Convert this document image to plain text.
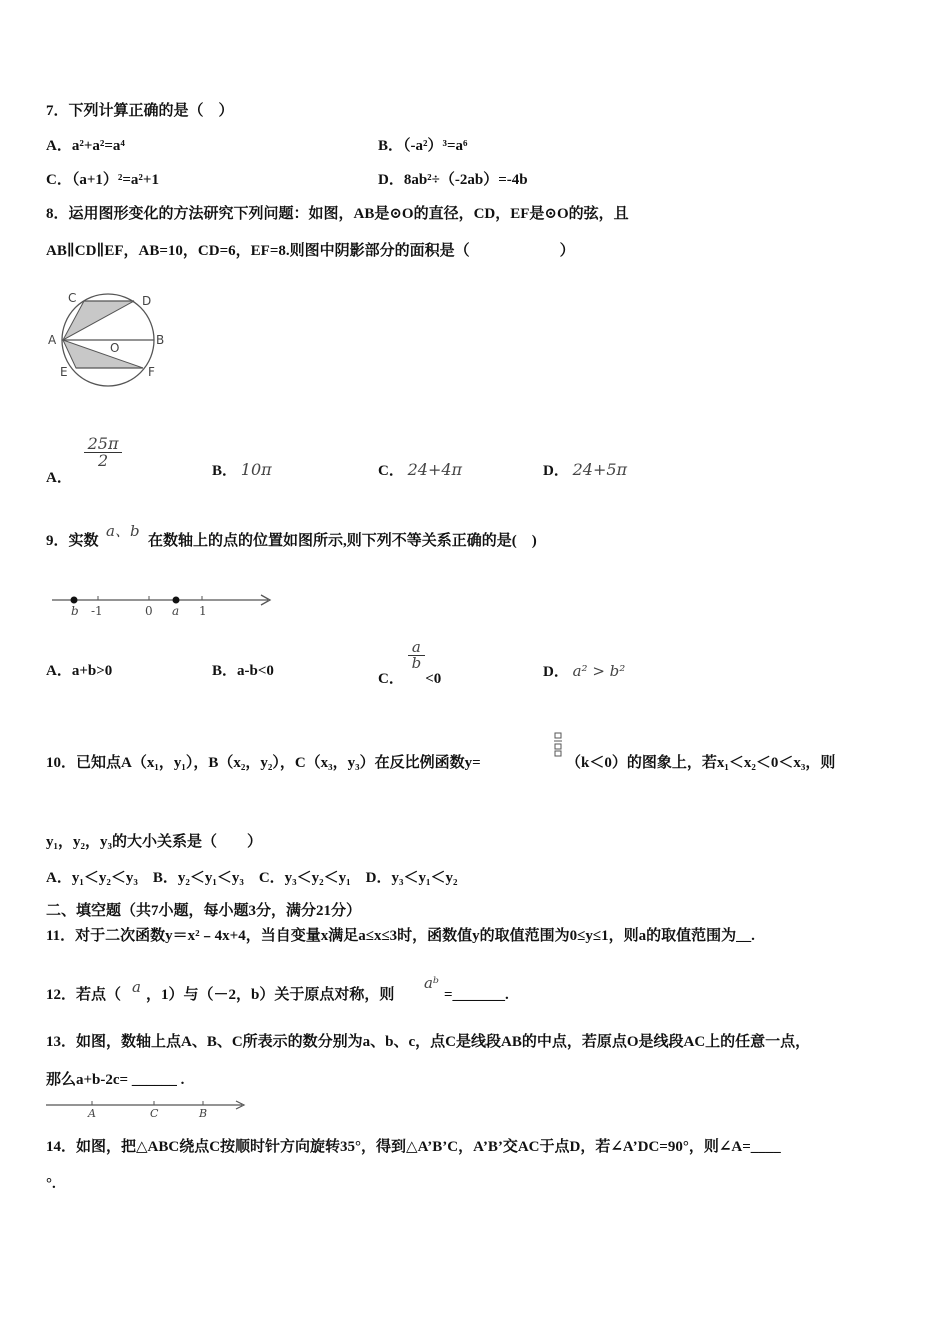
7．下列计算正确的是（　）
A．a²+a²=a⁴	B．（-a²）³=a⁶
C．（a+1）²=a²+1	D．8ab²÷（-2ab）=-4b
8．运用图形变化的方法研究下列问题：如图，AB是⊙O的直径，CD，EF是⊙O的弦，且
AB∥CD∥EF，AB=10，CD=6，EF=8.则图中阴影部分的面积是（　　　　　　）
C	D
A	B
O
E	F
A．
$\frac{25\pi}{2}$
B． 10π	C． 24+4π	D． 24+5π
9．实数
a、b
在数轴上的点的位置如图所示,则下列不等关系正确的是(　)
b -1	0 a 1
A．a+b>0	B．a-b<0	C．
$\frac{a}{b}$
<0	D． a² > b²
10．已知点A（x₁，y₁），B（x₂，y₂），C（x₃，y₃）在反比例函数y=	（k＜0）的图象上，若x₁＜x₂＜0＜x₃，则
y₁，y₂，y₃的大小关系是（　　）
A．y₁＜y₂＜y₃　B．y₂＜y₁＜y₃　C．y₃＜y₂＜y₁　D．y₃＜y₁＜y₂
二、填空题（共7小题，每小题3分，满分21分）
11．对于二次函数y＝x²﹣4x+4，当自变量x满足a≤x≤3时，函数值y的取值范围为0≤y≤1，则a的取值范围为__.
12．若点（ a ，1）与（－2，b）关于原点对称，则
aᵇ
=_______.
13．如图，数轴上点A、B、C所表示的数分别为a、b、c，点C是线段AB的中点，若原点O是线段AC上的任意一点，
那么a+b-2c= ______ .
A	C	B
14．如图，把△ABC绕点C按顺时针方向旋转35°，得到△A’B’C，A’B’交AC于点D，若∠A’DC=90°，则∠A=____
°.
